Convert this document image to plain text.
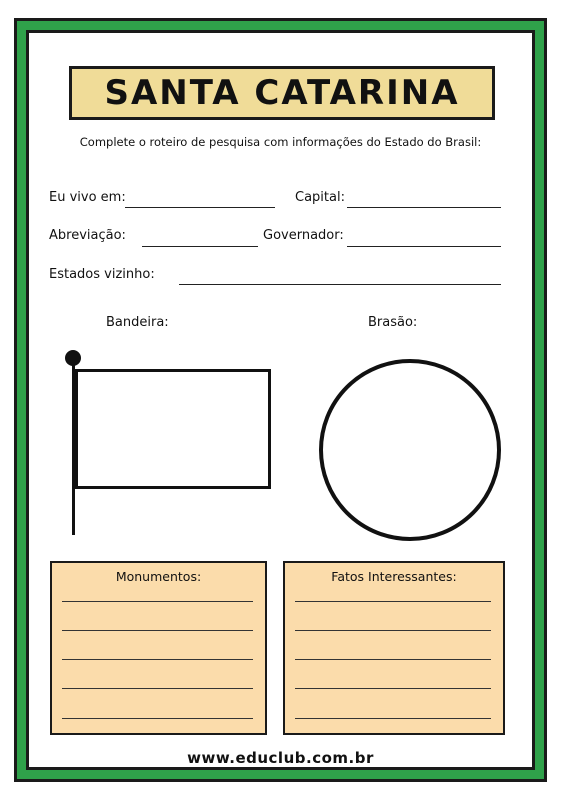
SANTA CATARINA
Complete o roteiro de pesquisa com informações do Estado do Brasil:
Eu vivo em:	Capital:
Abreviação:	Governador:
Estados vizinho:
Bandeira:	Brasão:
Monumentos:	Fatos Interessantes:
www.educlub.com.br
